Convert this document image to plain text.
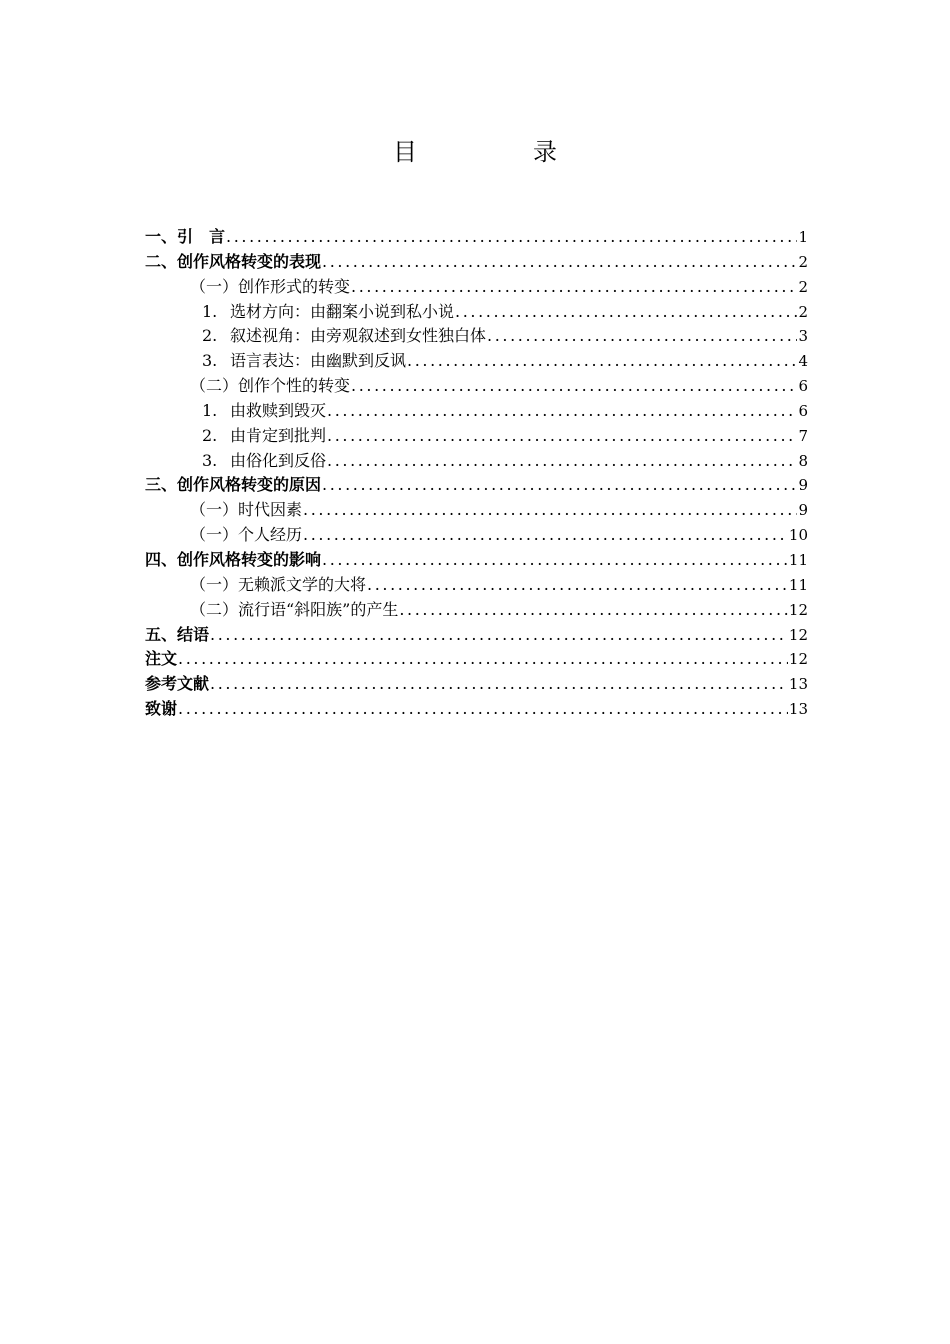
目　录
一、引　言 .....	1
二、创作风格转变的表现 .....	2
（一）创作形式的转变 .....	2
1. 选材方向：由翻案小说到私小说 .....	2
2. 叙述视角：由旁观叙述到女性独白体 .....	3
3. 语言表达：由幽默到反讽 .....	4
（二）创作个性的转变 .....	6
1. 由救赎到毁灭 .....	6
2. 由肯定到批判 .....	7
3. 由俗化到反俗 .....	8
三、创作风格转变的原因 .....	9
（一）时代因素 .....	9
（一）个人经历 .....	10
四、创作风格转变的影响 .....	11
（一）无赖派文学的大将 .....	11
（二）流行语“斜阳族”的产生 .....	12
五、结语 .....	12
注文 .....	12
参考文献 .....	13
致谢 .....	13
